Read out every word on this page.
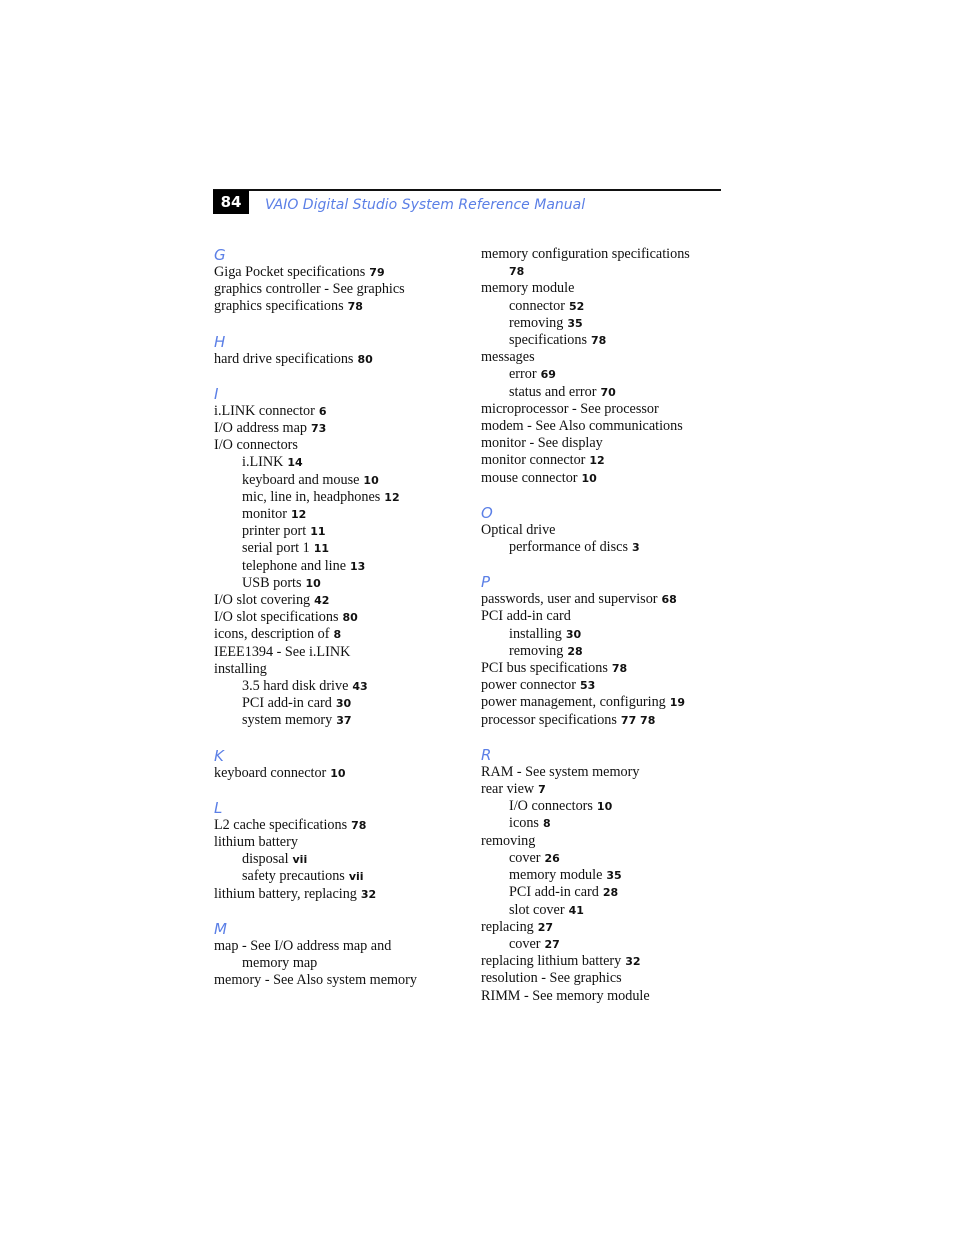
84	VAIO Digital Studio System Reference Manual
G
Giga Pocket specifications 79
graphics controller - See graphics
graphics specifications 78
H
hard drive specifications 80
I
i.LINK connector 6
I/O address map 73
I/O connectors
i.LINK 14
keyboard and mouse 10
mic, line in, headphones 12
monitor 12
printer port 11
serial port 1 11
telephone and line 13
USB ports 10
I/O slot covering 42
I/O slot specifications 80
icons, description of 8
IEEE1394 - See i.LINK
installing
3.5 hard disk drive 43
PCI add-in card 30
system memory 37
K
keyboard connector 10
L
L2 cache specifications 78
lithium battery
disposal vii
safety precautions vii
lithium battery, replacing 32
M
map - See I/O address map and
memory map
memory - See Also system memory
memory configuration specifications
78
memory module
connector 52
removing 35
specifications 78
messages
error 69
status and error 70
microprocessor - See processor
modem - See Also communications
monitor - See display
monitor connector 12
mouse connector 10
O
Optical drive
performance of discs 3
P
passwords, user and supervisor 68
PCI add-in card
installing 30
removing 28
PCI bus specifications 78
power connector 53
power management, configuring 19
processor specifications 77 78
R
RAM - See system memory
rear view 7
I/O connectors 10
icons 8
removing
cover 26
memory module 35
PCI add-in card 28
slot cover 41
replacing 27
cover 27
replacing lithium battery 32
resolution - See graphics
RIMM - See memory module
